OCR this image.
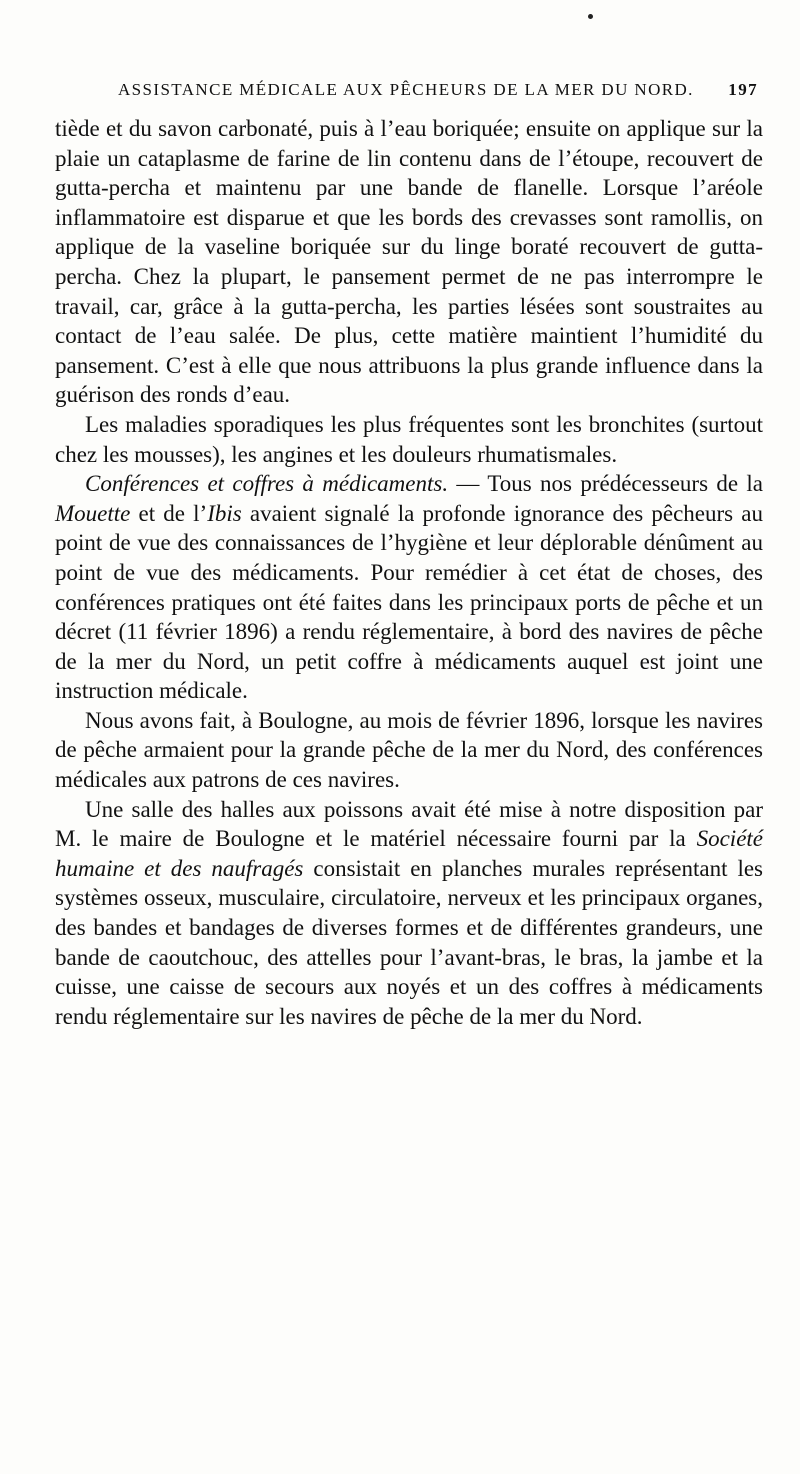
ASSISTANCE MÉDICALE AUX PÊCHEURS DE LA MER DU NORD. 197

tiède et du savon carbonaté, puis à l’eau boriquée; ensuite on applique sur la plaie un cataplasme de farine de lin contenu dans de l’étoupe, recouvert de gutta-percha et maintenu par une bande de flanelle. Lorsque l’aréole inflammatoire est disparue et que les bords des crevasses sont ramollis, on applique de la vaseline boriquée sur du linge boraté recouvert de gutta-percha. Chez la plupart, le pansement permet de ne pas interrompre le travail, car, grâce à la gutta-percha, les parties lésées sont soustraites au contact de l’eau salée. De plus, cette matière maintient l’humidité du pansement. C’est à elle que nous attribuons la plus grande influence dans la guérison des ronds d’eau.

Les maladies sporadiques les plus fréquentes sont les bronchites (surtout chez les mousses), les angines et les douleurs rhumatismales.

Conférences et coffres à médicaments. — Tous nos prédécesseurs de la Mouette et de l’Ibis avaient signalé la profonde ignorance des pêcheurs au point de vue des connaissances de l’hygiène et leur déplorable dénûment au point de vue des médicaments. Pour remédier à cet état de choses, des conférences pratiques ont été faites dans les principaux ports de pêche et un décret (11 février 1896) a rendu réglementaire, à bord des navires de pêche de la mer du Nord, un petit coffre à médicaments auquel est joint une instruction médicale.

Nous avons fait, à Boulogne, au mois de février 1896, lorsque les navires de pêche armaient pour la grande pêche de la mer du Nord, des conférences médicales aux patrons de ces navires.

Une salle des halles aux poissons avait été mise à notre disposition par M. le maire de Boulogne et le matériel nécessaire fourni par la Société humaine et des naufragés consistait en planches murales représentant les systèmes osseux, musculaire, circulatoire, nerveux et les principaux organes, des bandes et bandages de diverses formes et de différentes grandeurs, une bande de caoutchouc, des attelles pour l’avant-bras, le bras, la jambe et la cuisse, une caisse de secours aux noyés et un des coffres à médicaments rendu réglementaire sur les navires de pêche de la mer du Nord.
